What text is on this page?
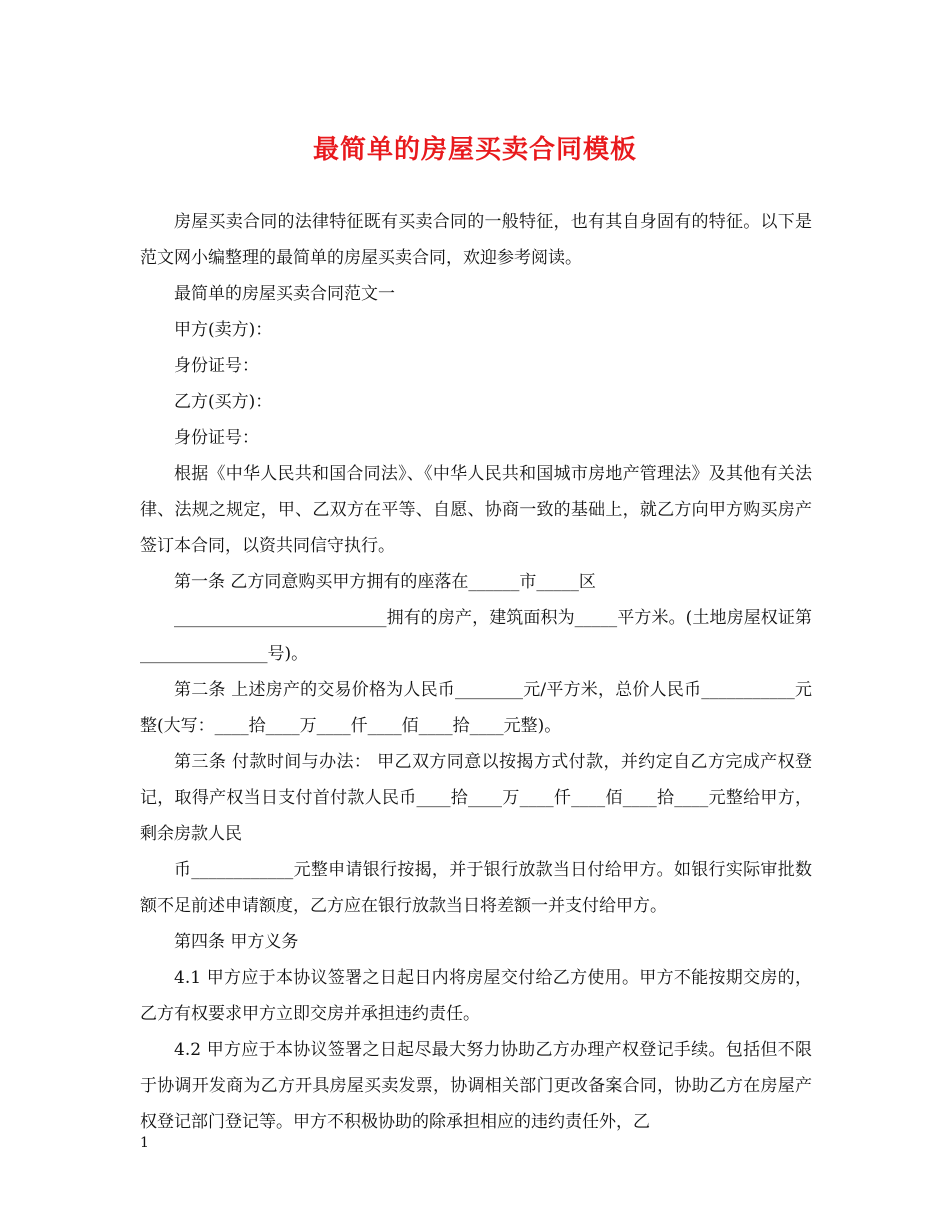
最简单的房屋买卖合同模板

房屋买卖合同的法律特征既有买卖合同的一般特征，也有其自身固有的特征。以下是范文网小编整理的最简单的房屋买卖合同，欢迎参考阅读。

最简单的房屋买卖合同范文一

甲方(卖方)：

身份证号：

乙方(买方)：

身份证号：

根据《中华人民共和国合同法》、《中华人民共和国城市房地产管理法》及其他有关法律、法规之规定，甲、乙双方在平等、自愿、协商一致的基础上，就乙方向甲方购买房产签订本合同，以资共同信守执行。

第一条 乙方同意购买甲方拥有的座落在______市_____区

_________________________拥有的房产，建筑面积为_____平方米。(土地房屋权证第_______________号)。

第二条 上述房产的交易价格为人民币________元/平方米，总价人民币___________元整(大写：____拾____万____仟____佰____拾____元整)。

第三条 付款时间与办法： 甲乙双方同意以按揭方式付款，并约定自乙方完成产权登记，取得产权当日支付首付款人民币____拾____万____仟____佰____拾____元整给甲方，剩余房款人民

币____________元整申请银行按揭，并于银行放款当日付给甲方。如银行实际审批数额不足前述申请额度，乙方应在银行放款当日将差额一并支付给甲方。

第四条 甲方义务

4.1 甲方应于本协议签署之日起日内将房屋交付给乙方使用。甲方不能按期交房的，乙方有权要求甲方立即交房并承担违约责任。

4.2 甲方应于本协议签署之日起尽最大努力协助乙方办理产权登记手续。包括但不限于协调开发商为乙方开具房屋买卖发票，协调相关部门更改备案合同，协助乙方在房屋产权登记部门登记等。甲方不积极协助的除承担相应的违约责任外，乙

1
